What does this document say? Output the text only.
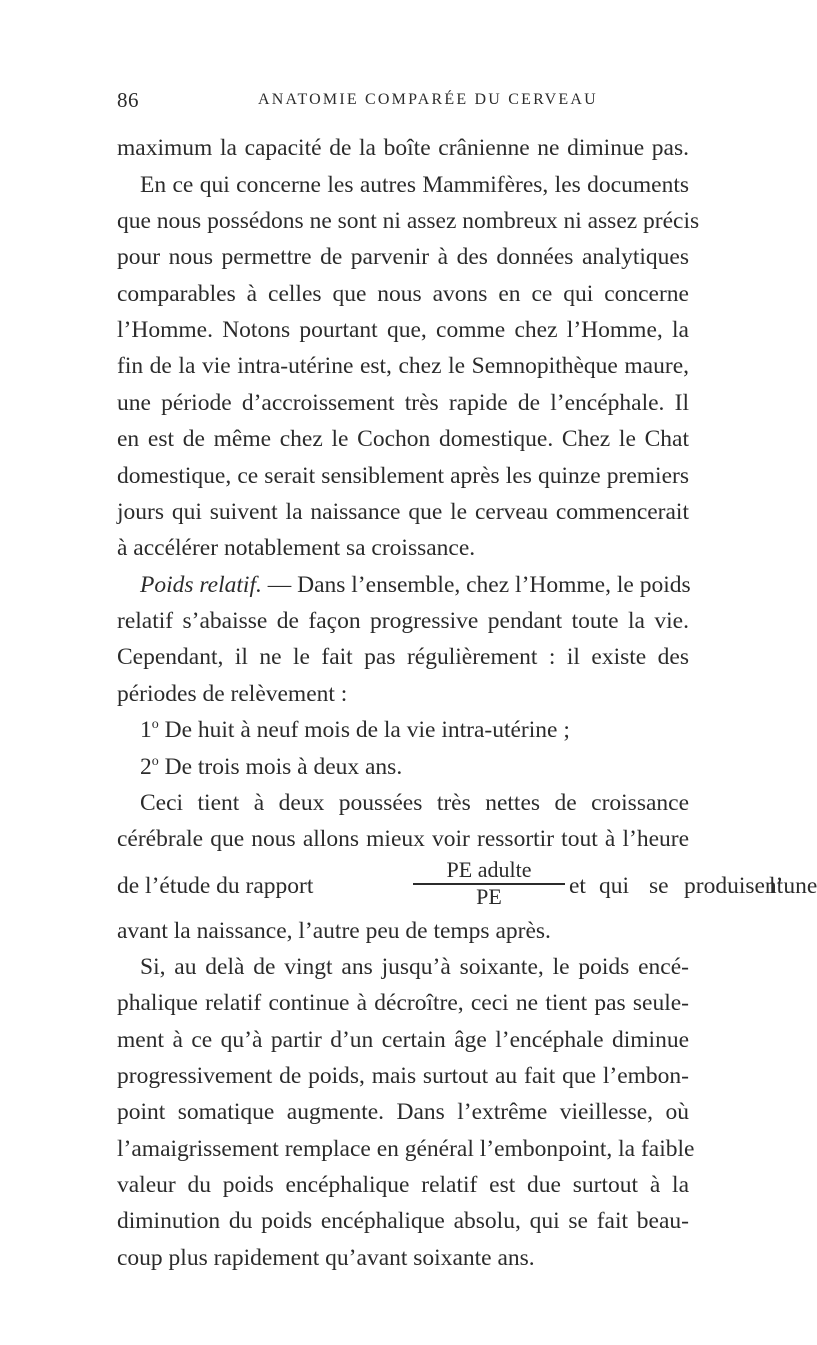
86	ANATOMIE COMPARÉE DU CERVEAU
maximum la capacité de la boîte crânienne ne diminue pas.
En ce qui concerne les autres Mammifères, les documents
que nous possédons ne sont ni assez nombreux ni assez précis
pour nous permettre de parvenir à des données analytiques
comparables à celles que nous avons en ce qui concerne
l’Homme. Notons pourtant que, comme chez l’Homme, la
fin de la vie intra-utérine est, chez le Semnopithèque maure,
une période d’accroissement très rapide de l’encéphale. Il
en est de même chez le Cochon domestique. Chez le Chat
domestique, ce serait sensiblement après les quinze premiers
jours qui suivent la naissance que le cerveau commencerait
à accélérer notablement sa croissance.
Poids relatif. — Dans l’ensemble, chez l’Homme, le poids
relatif s’abaisse de façon progressive pendant toute la vie.
Cependant, il ne le fait pas régulièrement : il existe des
périodes de relèvement :
1$^o$ De huit à neuf mois de la vie intra-utérine ;
2$^o$ De trois mois à deux ans.
Ceci tient à deux poussées très nettes de croissance
cérébrale que nous allons mieux voir ressortir tout à l’heure
de l’étude du rapport
PE adulte
PE	et qui se produisent
l’une
avant la naissance, l’autre peu de temps après.
Si, au delà de vingt ans jusqu’à soixante, le poids encé-
phalique relatif continue à décroître, ceci ne tient pas seule-
ment à ce qu’à partir d’un certain âge l’encéphale diminue
progressivement de poids, mais surtout au fait que l’embon-
point somatique augmente. Dans l’extrême vieillesse, où
l’amaigrissement remplace en général l’embonpoint, la faible
valeur du poids encéphalique relatif est due surtout à la
diminution du poids encéphalique absolu, qui se fait beau-
coup plus rapidement qu’avant soixante ans.
